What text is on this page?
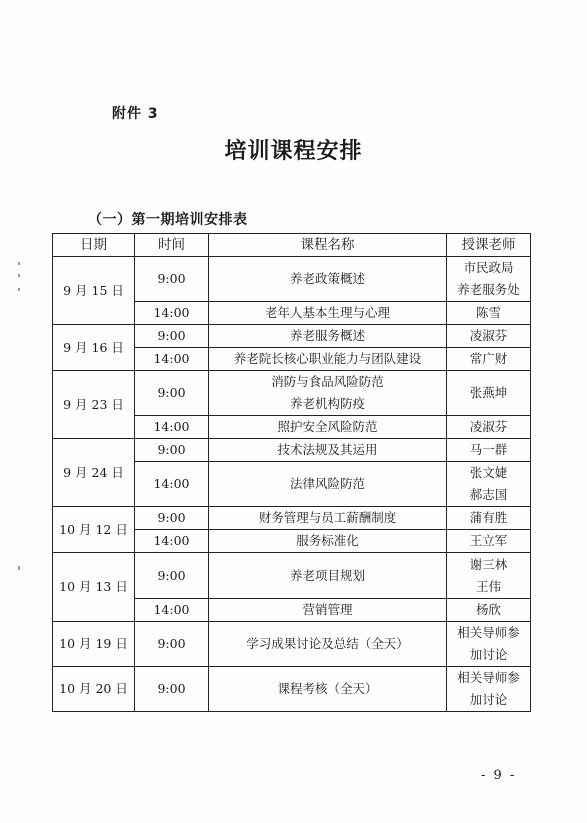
附件 3
培训课程安排
（一）第一期培训安排表
日期	时间	课程名称	授课老师
9 月 15 日	9:00	养老政策概述	市民政局
养老服务处

	14:00	老年人基本生理与心理	陈雪

9 月 16 日	9:00	养老服务概述	凌淑芬

	14:00	养老院长核心职业能力与团队建设	常广财

9 月 23 日	9:00	消防与食品风险防范
养老机构防疫	张燕坤

	14:00	照护安全风险防范	凌淑芬

9 月 24 日	9:00	技术法规及其运用	马一群

	14:00	法律风险防范	张文婕
郝志国

10 月 12 日	9:00	财务管理与员工薪酬制度	蒲有胜

	14:00	服务标准化	王立军

10 月 13 日	9:00	养老项目规划	谢三林
王伟

	14:00	营销管理	杨欣

10 月 19 日	9:00	学习成果讨论及总结（全天）	相关导师参
加讨论

10 月 20 日	9:00	课程考核（全天）	相关导师参
加讨论
- 9 -
